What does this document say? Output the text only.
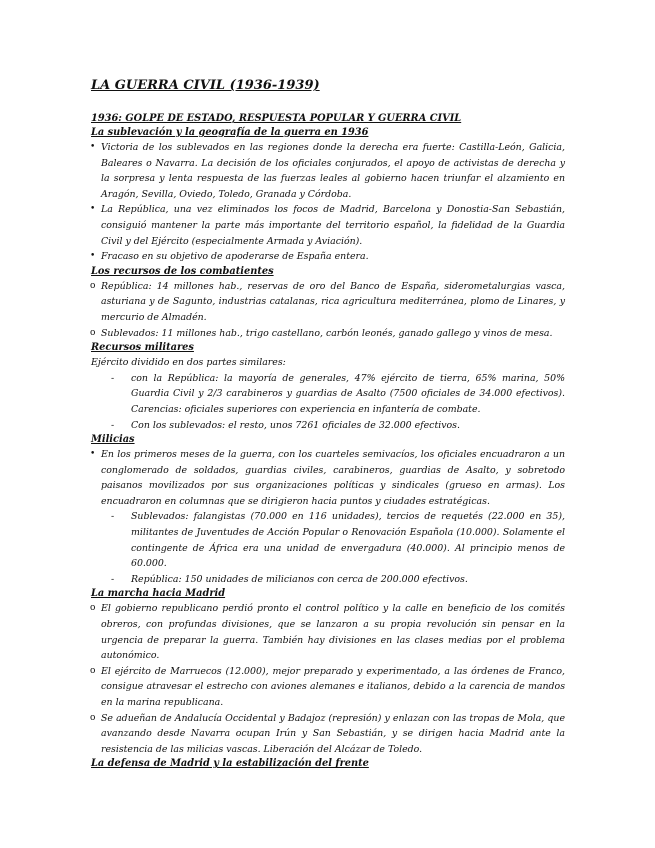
LA GUERRA CIVIL (1936-1939)
1936: GOLPE DE ESTADO, RESPUESTA POPULAR Y GUERRA CIVIL
La sublevación y la geografía de la guerra en 1936
• Victoria de los sublevados en las regiones donde la derecha era fuerte: Castilla-León, Galicia, Baleares o Navarra. La decisión de los oficiales conjurados, el apoyo de activistas de derecha y la sorpresa y lenta respuesta de las fuerzas leales al gobierno hacen triunfar el alzamiento en Aragón, Sevilla, Oviedo, Toledo, Granada y Córdoba.
• La República, una vez eliminados los focos de Madrid, Barcelona y Donostia-San Sebastián, consiguió mantener la parte más importante del territorio español, la fidelidad de la Guardia Civil y del Ejército (especialmente Armada y Aviación).
• Fracaso en su objetivo de apoderarse de España entera.
Los recursos de los combatientes
o República: 14 millones hab., reservas de oro del Banco de España, siderometalurgias vasca, asturiana y de Sagunto, industrias catalanas, rica agricultura mediterránea, plomo de Linares, y mercurio de Almadén.
o Sublevados: 11 millones hab., trigo castellano, carbón leonés, ganado gallego y vinos de mesa.
Recursos militares
Ejército dividido en dos partes similares:
- con la República: la mayoría de generales, 47% ejército de tierra, 65% marina, 50% Guardia Civil y 2/3 carabineros y guardias de Asalto (7500 oficiales de 34.000 efectivos). Carencias: oficiales superiores con experiencia en infantería de combate.
- Con los sublevados: el resto, unos 7261 oficiales de 32.000 efectivos.
Milicias
• En los primeros meses de la guerra, con los cuarteles semivacíos, los oficiales encuadraron a un conglomerado de soldados, guardias civiles, carabineros, guardias de Asalto, y sobretodo paisanos movilizados por sus organizaciones políticas y sindicales (grueso en armas). Los encuadraron en columnas que se dirigieron hacia puntos y ciudades estratégicas.
- Sublevados: falangistas (70.000 en 116 unidades), tercios de requetés (22.000 en 35), militantes de Juventudes de Acción Popular o Renovación Española (10.000). Solamente el contingente de África era una unidad de envergadura (40.000). Al principio menos de 60.000.
- República: 150 unidades de milicianos con cerca de 200.000 efectivos.
La marcha hacia Madrid
o El gobierno republicano perdió pronto el control político y la calle en beneficio de los comités obreros, con profundas divisiones, que se lanzaron a su propia revolución sin pensar en la urgencia de preparar la guerra. También hay divisiones en las clases medias por el problema autonómico.
o El ejército de Marruecos (12.000), mejor preparado y experimentado, a las órdenes de Franco, consigue atravesar el estrecho con aviones alemanes e italianos, debido a la carencia de mandos en la marina republicana.
o Se adueñan de Andalucía Occidental y Badajoz (represión) y enlazan con las tropas de Mola, que avanzando desde Navarra ocupan Irún y San Sebastián, y se dirigen hacia Madrid ante la resistencia de las milicias vascas. Liberación del Alcázar de Toledo.
La defensa de Madrid y la estabilización del frente
